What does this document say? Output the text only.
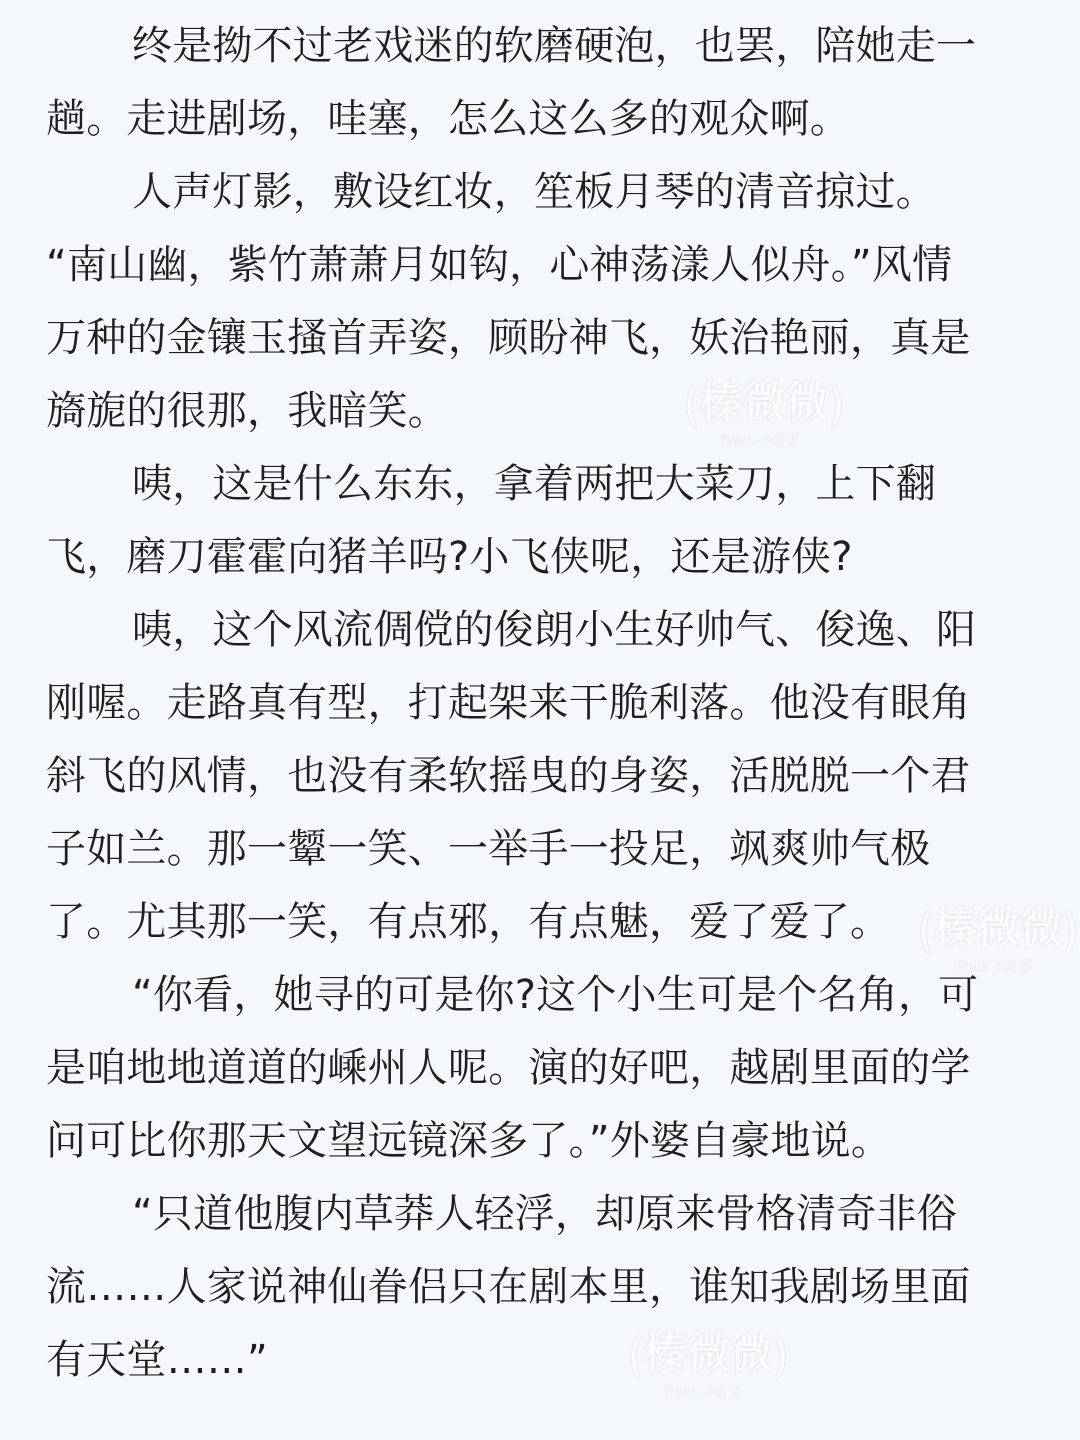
终是拗不过老戏迷的软磨硬泡，也罢，陪她走一
趟。走进剧场，哇塞，怎么这么多的观众啊。
人声灯影，敷设红妆，笙板月琴的清音掠过。
“南山幽，紫竹萧萧月如钩，心神荡漾人似舟。”风情
万种的金镶玉搔首弄姿，顾盼神飞，妖治艳丽，真是
旖旎的很那，我暗笑。
咦，这是什么东东，拿着两把大菜刀，上下翻
飞，磨刀霍霍向猪羊吗?小飞侠呢，还是游侠?
咦，这个风流倜傥的俊朗小生好帅气、俊逸、阳
刚喔。走路真有型，打起架来干脆利落。他没有眼角
斜飞的风情，也没有柔软摇曳的身姿，活脱脱一个君
子如兰。那一颦一笑、一举手一投足，飒爽帅气极
了。尤其那一笑，有点邪，有点魅，爱了爱了。
“你看，她寻的可是你?这个小生可是个名角，可
是咱地地道道的嵊州人呢。演的好吧，越剧里面的学
问可比你那天文望远镜深多了。”外婆自豪地说。
“只道他腹内草莽人轻浮，却原来骨格清奇非俗
流……人家说神仙眷侣只在剧本里，谁知我剧场里面
有天堂……”
(榛微微)
From 小红书
(榛微微)
From 小红书
(榛微微)
From 小红书
